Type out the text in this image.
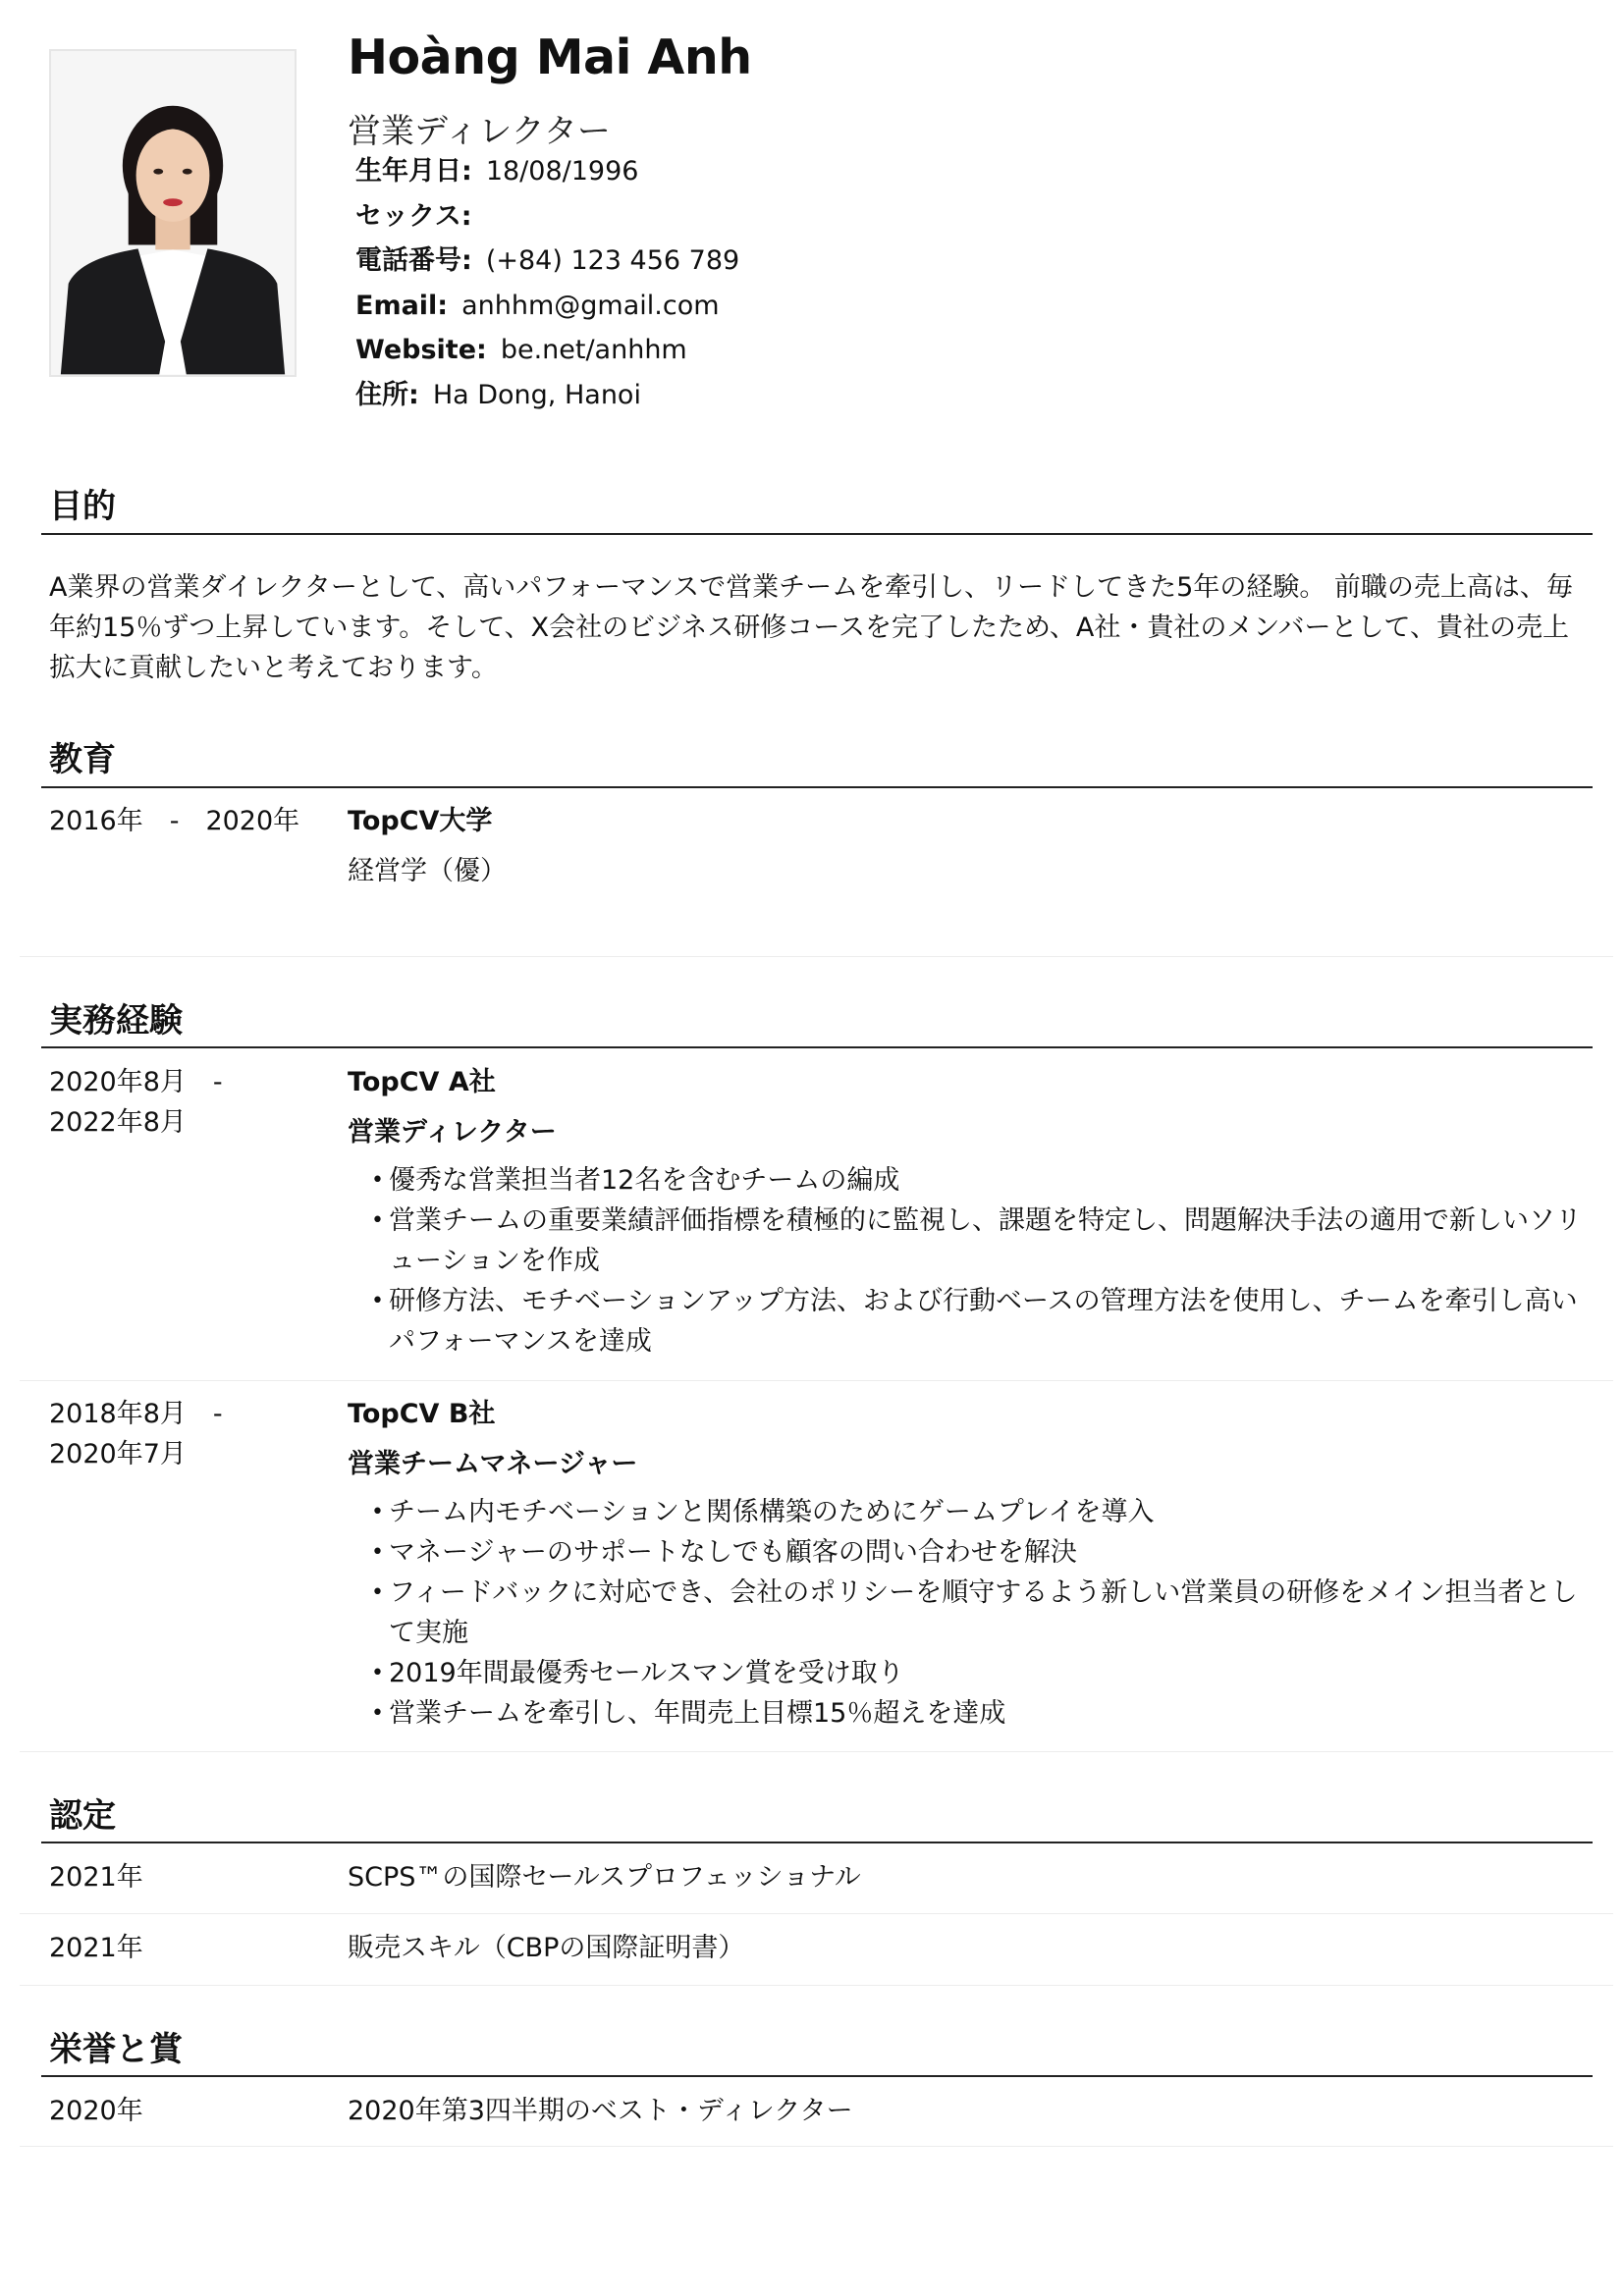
Hoàng Mai Anh
営業ディレクター
生年月日: 18/08/1996
セックス:
電話番号: (+84) 123 456 789
Email: anhhm@gmail.com
Website: be.net/anhhm
住所: Ha Dong, Hanoi
目的
A業界の営業ダイレクターとして、高いパフォーマンスで営業チームを牽引し、リードしてきた5年の経験。 前職の売上高は、毎年約15％ずつ上昇しています。そして、X会社のビジネス研修コースを完了したため、A社・貴社のメンバーとして、貴社の売上拡大に貢献したいと考えております。
教育
2016年　-　2020年 TopCV大学
経営学（優）
実務経験
2020年8月　-
2022年8月
TopCV A社
営業ディレクター
• 優秀な営業担当者12名を含むチームの編成
• 営業チームの重要業績評価指標を積極的に監視し、課題を特定し、問題解決手法の適用で新しいソリューションを作成
• 研修方法、モチベーションアップ方法、および行動ベースの管理方法を使用し、チームを牽引し高いパフォーマンスを達成
2018年8月　-
2020年7月
TopCV B社
営業チームマネージャー
• チーム内モチベーションと関係構築のためにゲームプレイを導入
• マネージャーのサポートなしでも顧客の問い合わせを解決
• フィードバックに対応でき、会社のポリシーを順守するよう新しい営業員の研修をメイン担当者として実施
• 2019年間最優秀セールスマン賞を受け取り
• 営業チームを牽引し、年間売上目標15％超えを達成
認定
2021年	SCPS™の国際セールスプロフェッショナル
2021年	販売スキル（CBPの国際証明書）
栄誉と賞
2020年	2020年第3四半期のベスト・ディレクター
